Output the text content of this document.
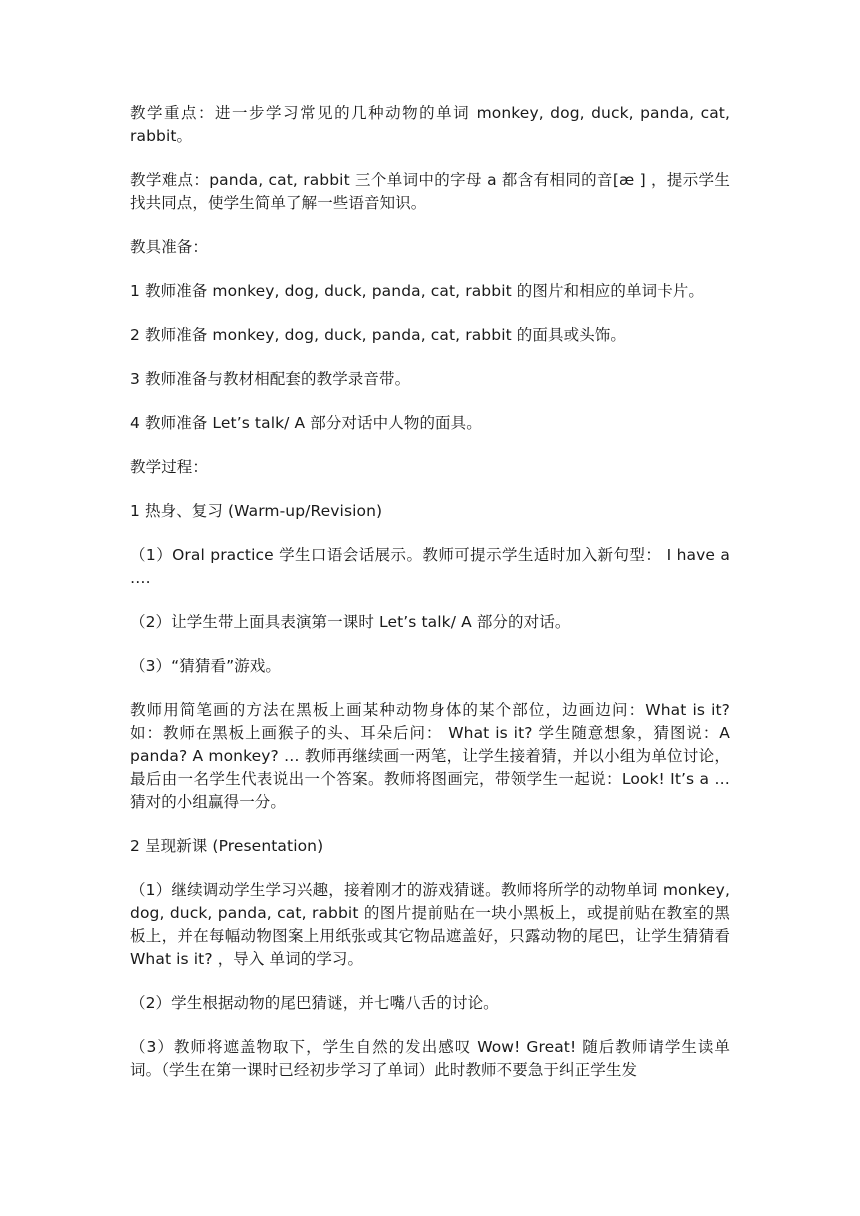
教学重点：进一步学习常见的几种动物的单词 monkey, dog, duck, panda, cat, rabbit。

教学难点：panda, cat, rabbit 三个单词中的字母 a 都含有相同的音[æ ] ，提示学生找共同点，使学生简单了解一些语音知识。

教具准备：

1 教师准备 monkey, dog, duck, panda, cat, rabbit 的图片和相应的单词卡片。

2 教师准备 monkey, dog, duck, panda, cat, rabbit 的面具或头饰。

3 教师准备与教材相配套的教学录音带。

4 教师准备 Let’s talk/ A 部分对话中人物的面具。

教学过程：

1 热身、复习 (Warm-up/Revision)

（1）Oral practice 学生口语会话展示。教师可提示学生适时加入新句型： I have a ….

（2）让学生带上面具表演第一课时 Let’s talk/ A 部分的对话。

（3）“猜猜看”游戏。

教师用简笔画的方法在黑板上画某种动物身体的某个部位，边画边问：What is it? 如：教师在黑板上画猴子的头、耳朵后问： What is it? 学生随意想象，猜图说：A panda? A monkey? … 教师再继续画一两笔，让学生接着猜，并以小组为单位讨论，最后由一名学生代表说出一个答案。教师将图画完，带领学生一起说：Look! It’s a … 猜对的小组赢得一分。

2 呈现新课 (Presentation)

（1）继续调动学生学习兴趣，接着刚才的游戏猜谜。教师将所学的动物单词 monkey, dog, duck, panda, cat, rabbit 的图片提前贴在一块小黑板上，或提前贴在教室的黑板上，并在每幅动物图案上用纸张或其它物品遮盖好，只露动物的尾巴，让学生猜猜看 What is it? ，导入 单词的学习。

（2）学生根据动物的尾巴猜谜，并七嘴八舌的讨论。

（3）教师将遮盖物取下，学生自然的发出感叹 Wow! Great! 随后教师请学生读单词。（学生在第一课时已经初步学习了单词）此时教师不要急于纠正学生发
